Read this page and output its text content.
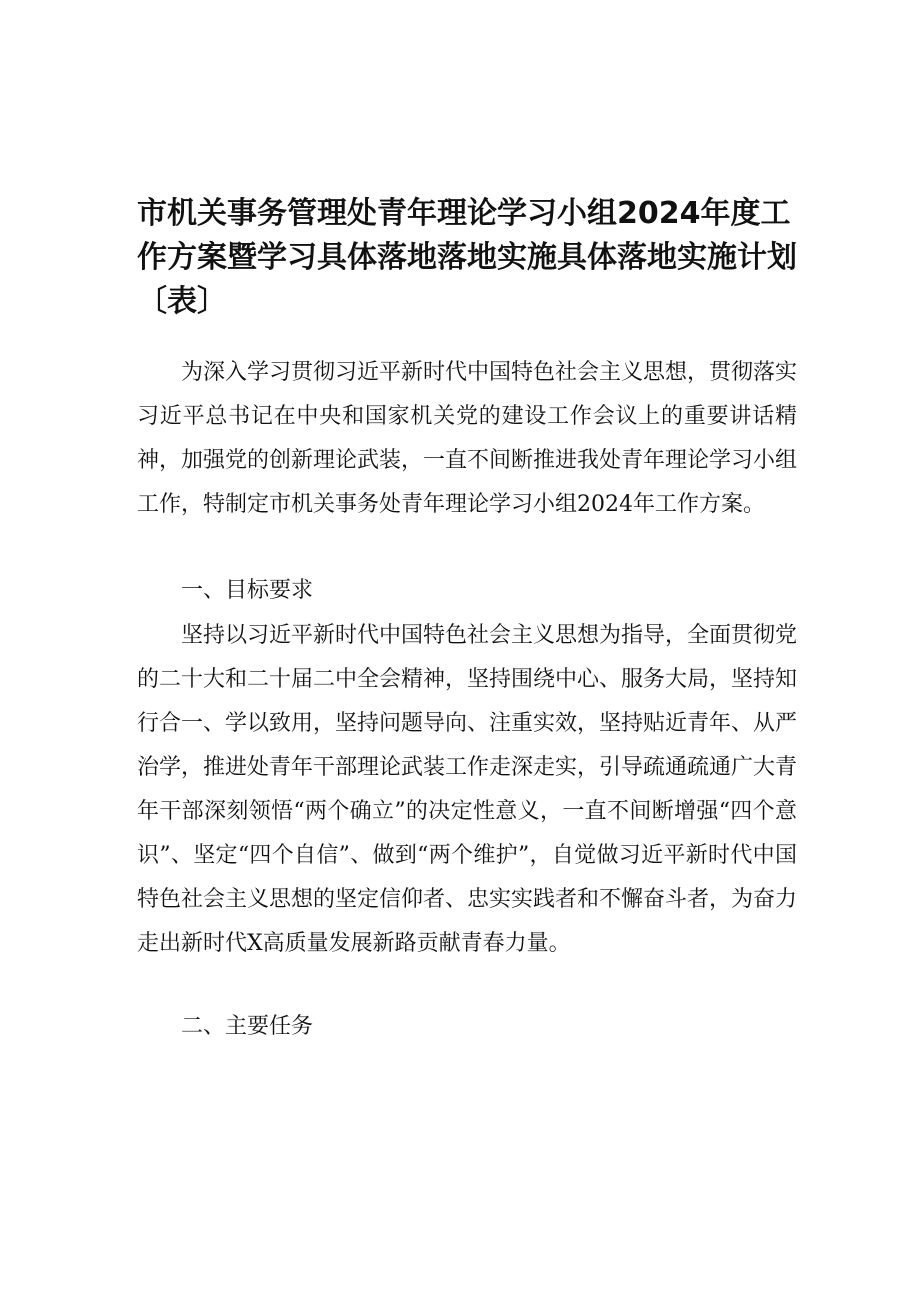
市机关事务管理处青年理论学习小组2024年度工作方案暨学习具体落地落地实施具体落地实施计划〔表〕

为深入学习贯彻习近平新时代中国特色社会主义思想，贯彻落实习近平总书记在中央和国家机关党的建设工作会议上的重要讲话精神，加强党的创新理论武装，一直不间断推进我处青年理论学习小组工作，特制定市机关事务处青年理论学习小组2024年工作方案。

一、目标要求

坚持以习近平新时代中国特色社会主义思想为指导，全面贯彻党的二十大和二十届二中全会精神，坚持围绕中心、服务大局，坚持知行合一、学以致用，坚持问题导向、注重实效，坚持贴近青年、从严治学，推进处青年干部理论武装工作走深走实，引导疏通疏通广大青年干部深刻领悟“两个确立”的决定性意义，一直不间断增强“四个意识”、坚定“四个自信”、做到“两个维护”，自觉做习近平新时代中国特色社会主义思想的坚定信仰者、忠实实践者和不懈奋斗者，为奋力走出新时代X高质量发展新路贡献青春力量。

二、主要任务
